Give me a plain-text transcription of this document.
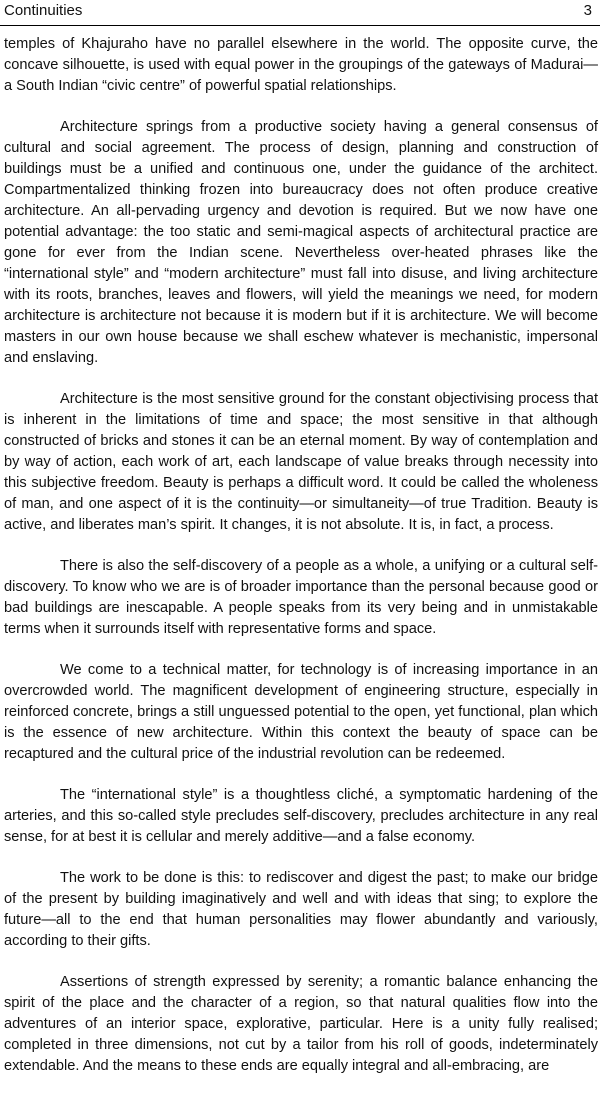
Continuities	3

temples of Khajuraho have no parallel elsewhere in the world. The opposite curve, the concave silhouette, is used with equal power in the groupings of the gateways of Madurai—a South Indian “civic centre” of powerful spatial relationships.

Architecture springs from a productive society having a general consensus of cultural and social agreement. The process of design, planning and construction of buildings must be a unified and continuous one, under the guidance of the architect. Compartmentalized thinking frozen into bureaucracy does not often produce creative architecture. An all-pervading urgency and devotion is required. But we now have one potential advantage: the too static and semi-magical aspects of architectural practice are gone for ever from the Indian scene. Nevertheless over-heated phrases like the “international style” and “modern architecture” must fall into disuse, and living architecture with its roots, branches, leaves and flowers, will yield the meanings we need, for modern architecture is architecture not because it is modern but if it is architecture. We will become masters in our own house because we shall eschew whatever is mechanistic, impersonal and enslaving.

Architecture is the most sensitive ground for the constant objectivising process that is inherent in the limitations of time and space; the most sensitive in that although constructed of bricks and stones it can be an eternal moment. By way of contemplation and by way of action, each work of art, each landscape of value breaks through necessity into this subjective freedom. Beauty is perhaps a difficult word. It could be called the wholeness of man, and one aspect of it is the continuity—or simultaneity—of true Tradition. Beauty is active, and liberates man’s spirit. It changes, it is not absolute. It is, in fact, a process.

There is also the self-discovery of a people as a whole, a unifying or a cultural self-discovery. To know who we are is of broader importance than the personal because good or bad buildings are inescapable. A people speaks from its very being and in unmistakable terms when it surrounds itself with representative forms and space.

We come to a technical matter, for technology is of increasing importance in an overcrowded world. The magnificent development of engineering structure, especially in reinforced concrete, brings a still unguessed potential to the open, yet functional, plan which is the essence of new architecture. Within this context the beauty of space can be recaptured and the cultural price of the industrial revolution can be redeemed.

The “international style” is a thoughtless cliché, a symptomatic hardening of the arteries, and this so-called style precludes self-discovery, precludes architecture in any real sense, for at best it is cellular and merely additive—and a false economy.

The work to be done is this: to rediscover and digest the past; to make our bridge of the present by building imaginatively and well and with ideas that sing; to explore the future—all to the end that human personalities may flower abundantly and variously, according to their gifts.

Assertions of strength expressed by serenity; a romantic balance enhancing the spirit of the place and the character of a region, so that natural qualities flow into the adventures of an interior space, explorative, particular. Here is a unity fully realised; completed in three dimensions, not cut by a tailor from his roll of goods, indeterminately extendable. And the means to these ends are equally integral and all-embracing, are
